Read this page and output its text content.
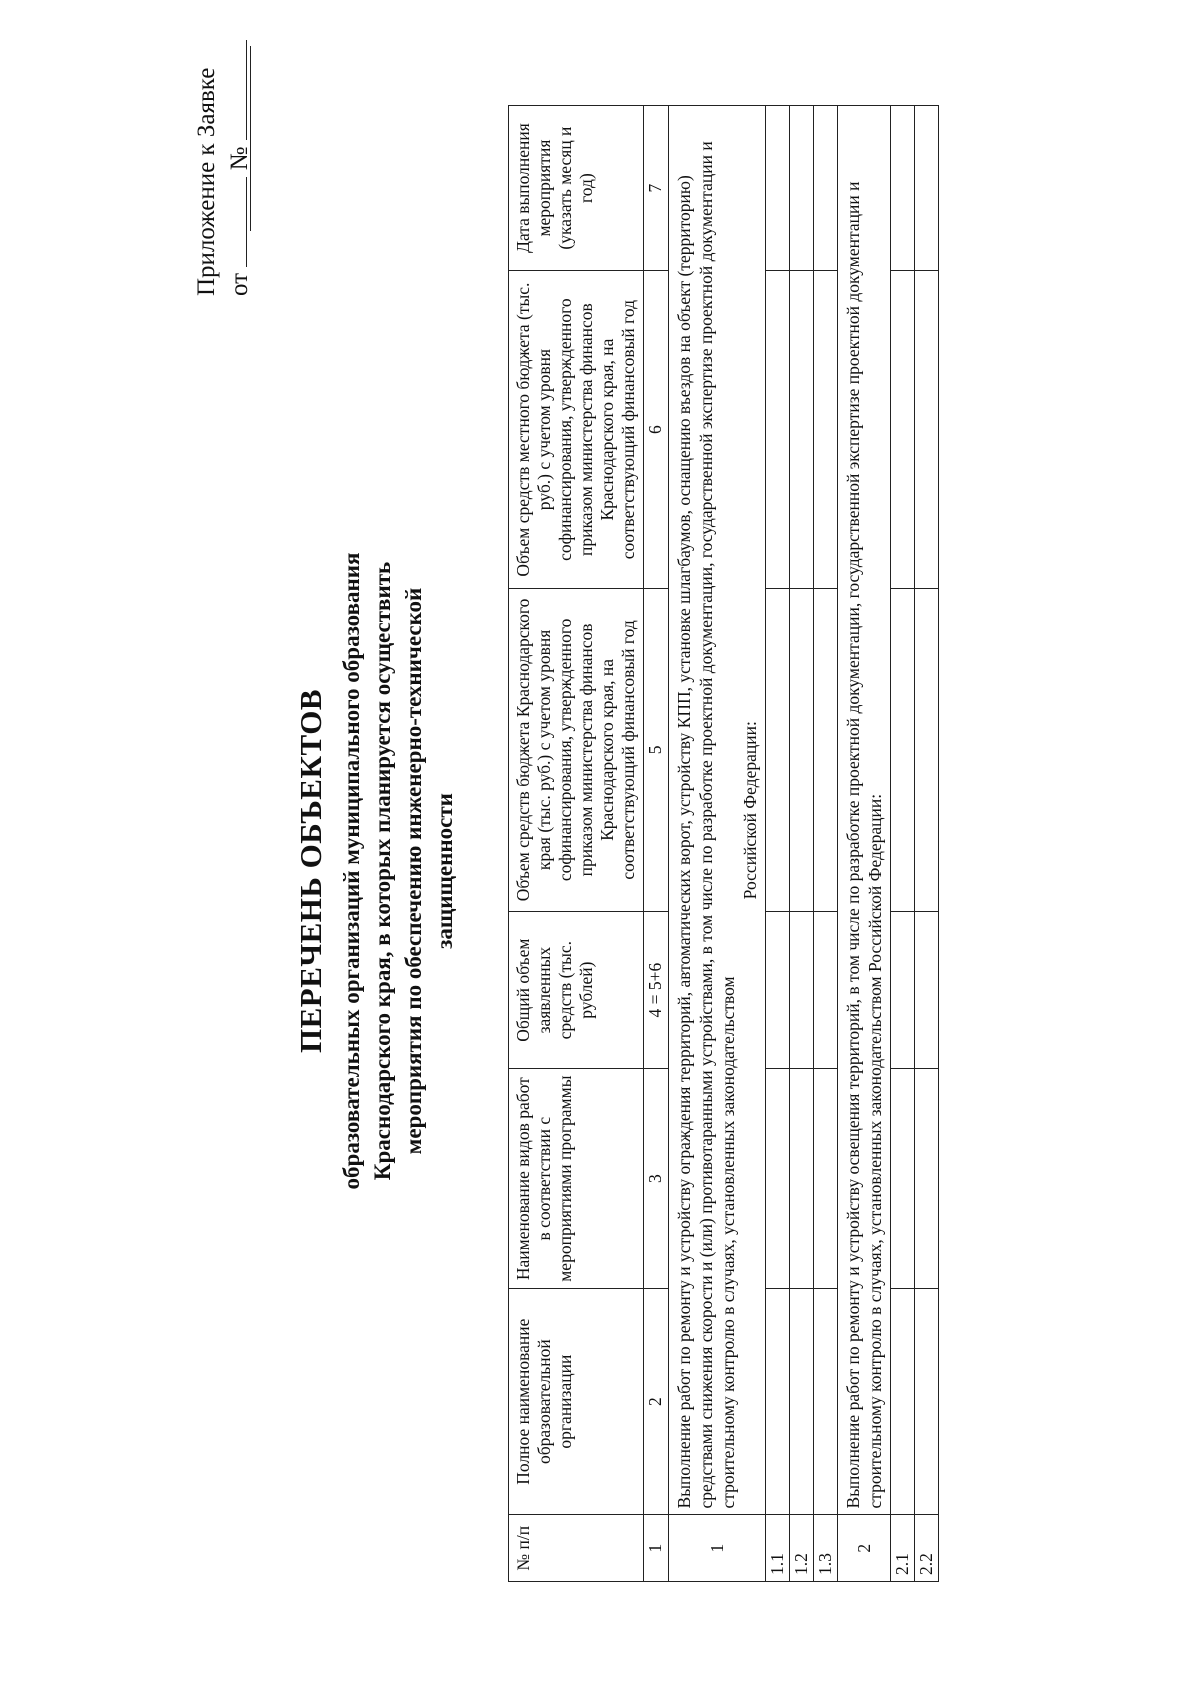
Приложение к Заявке от  №
ПЕРЕЧЕНЬ ОБЪЕКТОВ образовательных организаций муниципального образования Краснодарского края, в которых планируется осуществить мероприятия по обеспечению инженерно-технической защищенности
№ п/п	Полное наименование образовательной организации	Наименование видов работ в соответствии с мероприятиями программы	Общий объем заявленных средств (тыс. рублей)	Объем средств бюджета Краснодарского края (тыс. руб.) с учетом уровня софинансирования, утвержденного приказом министерства финансов Краснодарского края, на соответствующий финансовый год	Объем средств местного бюджета (тыс. руб.) с учетом уровня софинансирования, утвержденного приказом министерства финансов Краснодарского края, на соответствующий финансовый год	Дата выполнения мероприятия (указать месяц и год)
1	2	3	4 = 5+6	5	6	7
1	Выполнение работ по ремонту и устройству ограждения территорий, автоматических ворот, устройству КПП, установке шлагбаумов, оснащению въездов на объект (территорию) средствами снижения скорости и (или) противотаранными устройствами, в том числе по разработке проектной документации, государственной экспертизе проектной документации и строительному контролю в случаях, установленных законодательством
Российской Федерации:					

1.1						
1.2						
1.3						
2	Выполнение работ по ремонту и устройству освещения территорий, в том числе по разработке проектной документации, государственной экспертизе проектной документации и строительному контролю в случаях, установленных законодательством Российской Федерации:					
2.1						
2.2						
